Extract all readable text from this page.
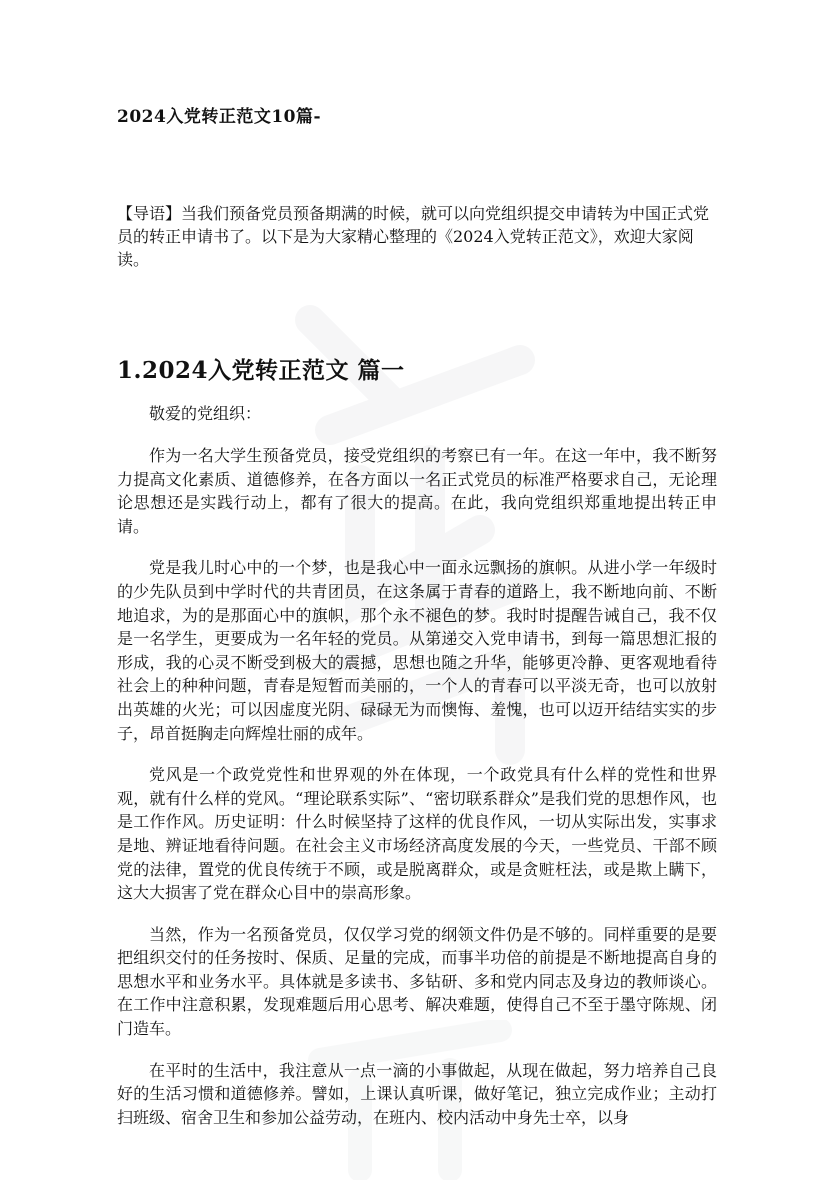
2024入党转正范文10篇-

【导语】当我们预备党员预备期满的时候，就可以向党组织提交申请转为中国正式党员的转正申请书了。以下是为大家精心整理的《2024入党转正范文》，欢迎大家阅读。

1.2024入党转正范文 篇一

敬爱的党组织：

作为一名大学生预备党员，接受党组织的考察已有一年。在这一年中，我不断努力提高文化素质、道德修养，在各方面以一名正式党员的标准严格要求自己，无论理论思想还是实践行动上，都有了很大的提高。在此，我向党组织郑重地提出转正申请。

党是我儿时心中的一个梦，也是我心中一面永远飘扬的旗帜。从进小学一年级时的少先队员到中学时代的共青团员，在这条属于青春的道路上，我不断地向前、不断地追求，为的是那面心中的旗帜，那个永不褪色的梦。我时时提醒告诫自己，我不仅是一名学生，更要成为一名年轻的党员。从第递交入党申请书，到每一篇思想汇报的形成，我的心灵不断受到极大的震撼，思想也随之升华，能够更冷静、更客观地看待社会上的种种问题，青春是短暂而美丽的，一个人的青春可以平淡无奇，也可以放射出英雄的火光；可以因虚度光阴、碌碌无为而懊悔、羞愧，也可以迈开结结实实的步子，昂首挺胸走向辉煌壮丽的成年。

党风是一个政党党性和世界观的外在体现，一个政党具有什么样的党性和世界观，就有什么样的党风。“理论联系实际”、“密切联系群众”是我们党的思想作风，也是工作作风。历史证明：什么时候坚持了这样的优良作风，一切从实际出发，实事求是地、辨证地看待问题。在社会主义市场经济高度发展的今天，一些党员、干部不顾党的法律，置党的优良传统于不顾，或是脱离群众，或是贪赃枉法，或是欺上瞒下，这大大损害了党在群众心目中的崇高形象。

当然，作为一名预备党员，仅仅学习党的纲领文件仍是不够的。同样重要的是要把组织交付的任务按时、保质、足量的完成，而事半功倍的前提是不断地提高自身的思想水平和业务水平。具体就是多读书、多钻研、多和党内同志及身边的教师谈心。在工作中注意积累，发现难题后用心思考、解决难题，使得自己不至于墨守陈规、闭门造车。

在平时的生活中，我注意从一点一滴的小事做起，从现在做起，努力培养自己良好的生活习惯和道德修养。譬如，上课认真听课，做好笔记，独立完成作业；主动打扫班级、宿舍卫生和参加公益劳动，在班内、校内活动中身先士卒，以身
